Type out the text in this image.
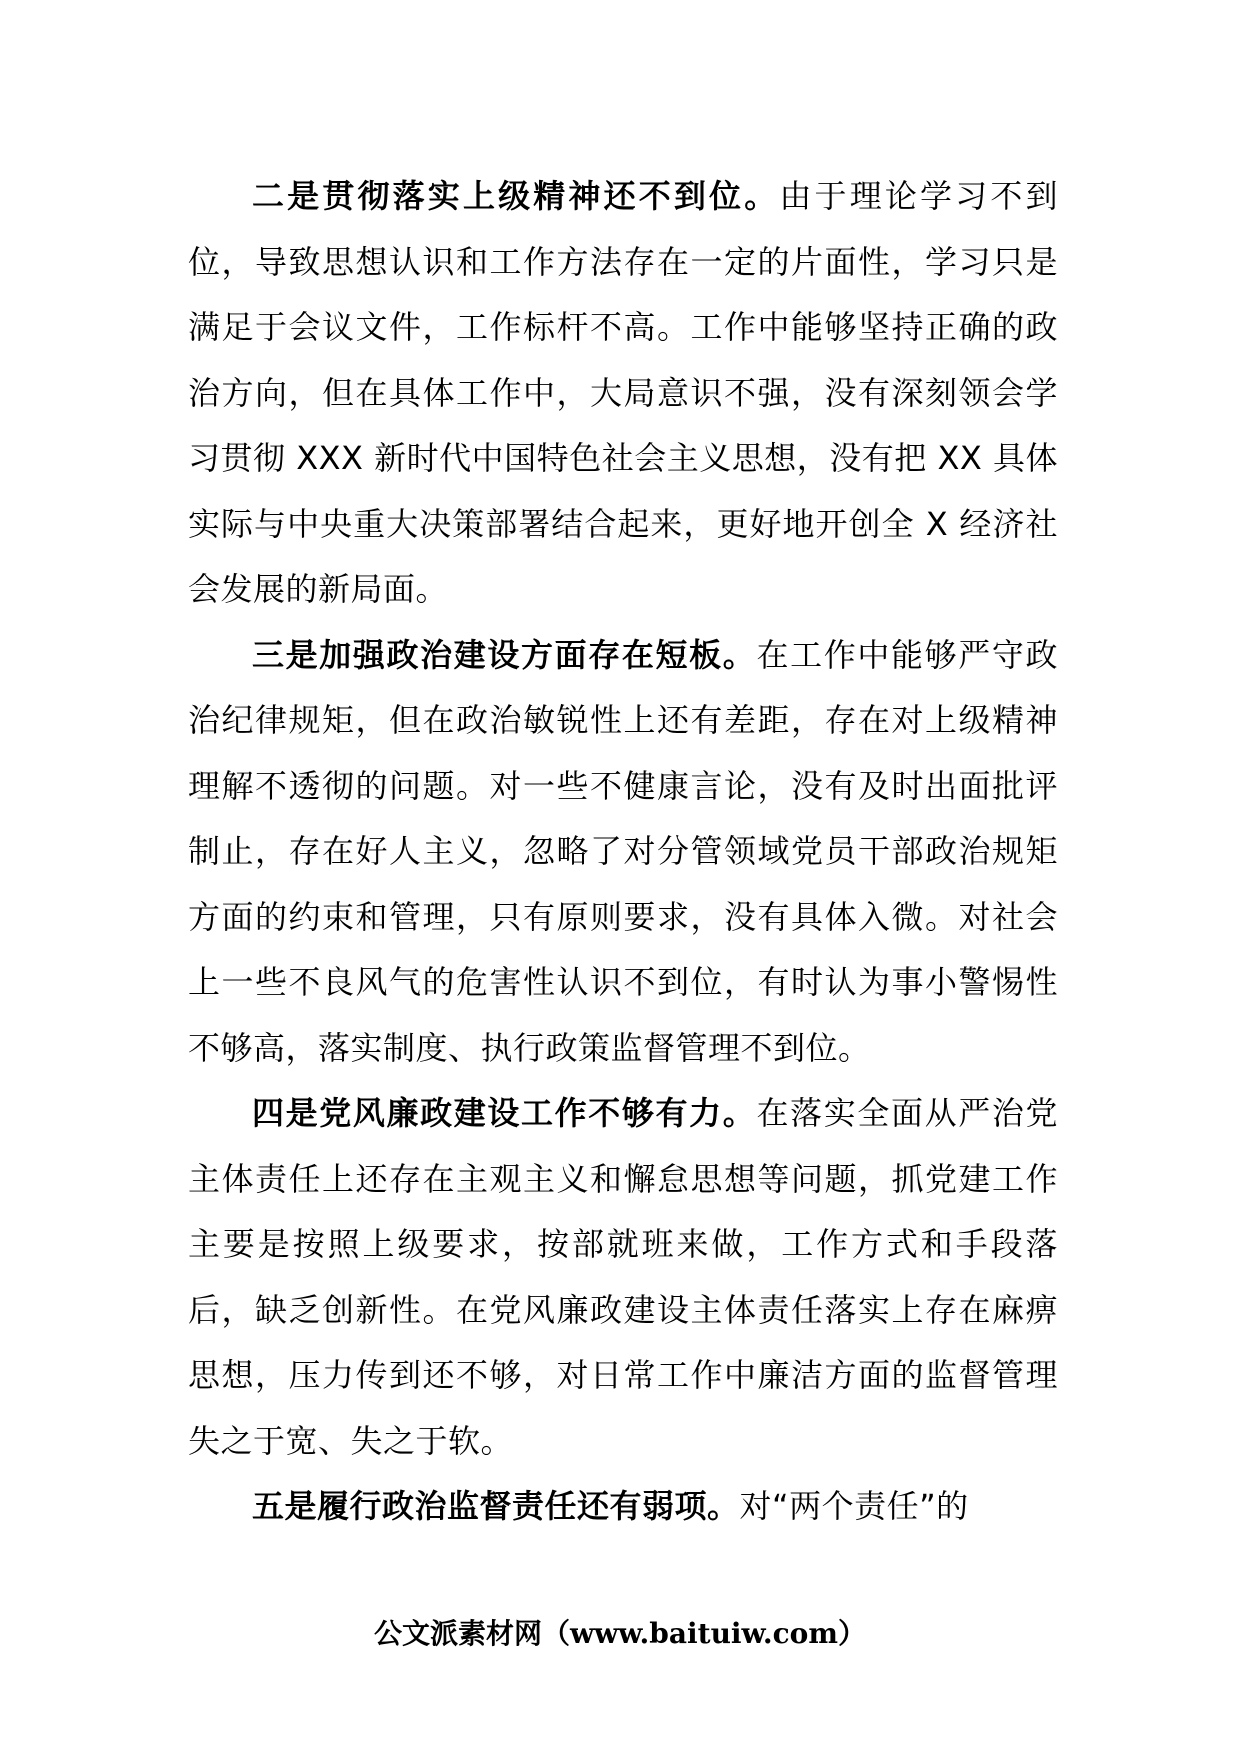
二是贯彻落实上级精神还不到位。由于理论学习不到位，导致思想认识和工作方法存在一定的片面性，学习只是满足于会议文件，工作标杆不高。工作中能够坚持正确的政治方向，但在具体工作中，大局意识不强，没有深刻领会学习贯彻 XXX 新时代中国特色社会主义思想，没有把 XX 具体实际与中央重大决策部署结合起来，更好地开创全 X 经济社会发展的新局面。

三是加强政治建设方面存在短板。在工作中能够严守政治纪律规矩，但在政治敏锐性上还有差距，存在对上级精神理解不透彻的问题。对一些不健康言论，没有及时出面批评制止，存在好人主义，忽略了对分管领域党员干部政治规矩方面的约束和管理，只有原则要求，没有具体入微。对社会上一些不良风气的危害性认识不到位，有时认为事小警惕性不够高，落实制度、执行政策监督管理不到位。

四是党风廉政建设工作不够有力。在落实全面从严治党主体责任上还存在主观主义和懈怠思想等问题，抓党建工作主要是按照上级要求，按部就班来做，工作方式和手段落后，缺乏创新性。在党风廉政建设主体责任落实上存在麻痹思想，压力传到还不够，对日常工作中廉洁方面的监督管理失之于宽、失之于软。

五是履行政治监督责任还有弱项。对“两个责任”的

公文派素材网（www.baituiw.com）
